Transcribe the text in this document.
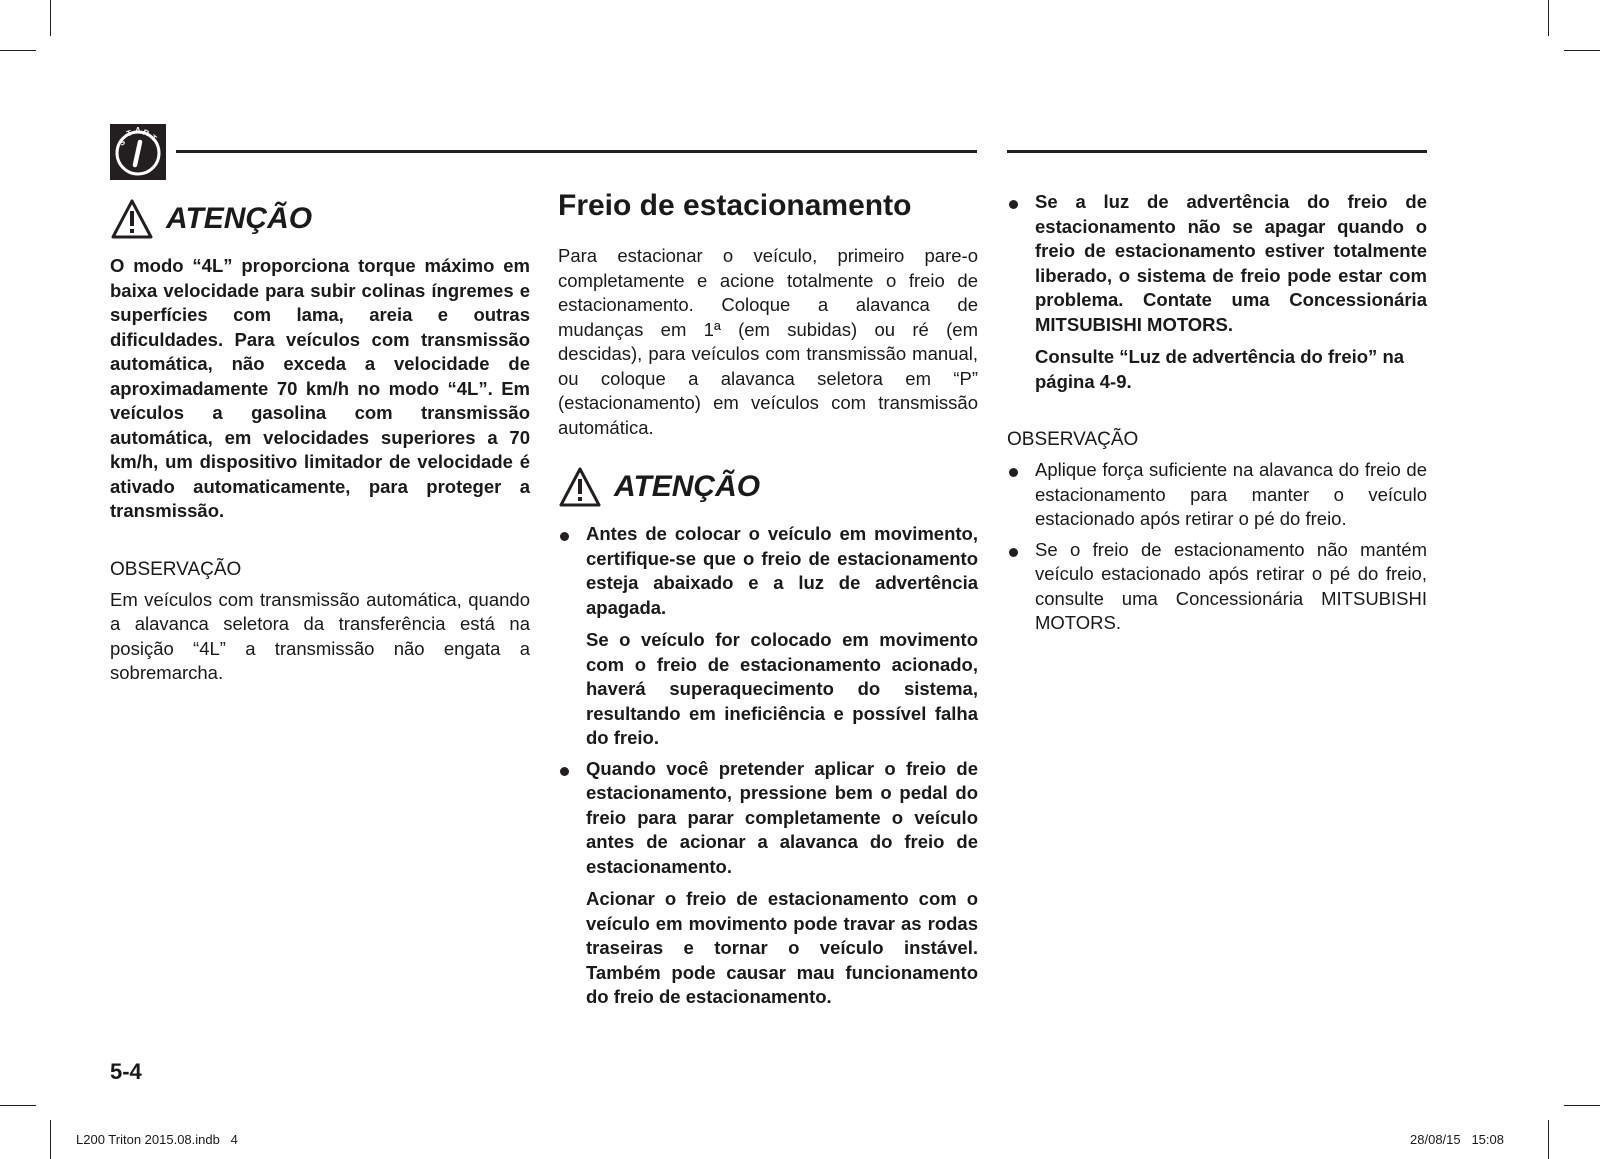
S
T A R
T
ATENÇÃO

O modo “4L” proporciona torque máximo em baixa velocidade para subir colinas íngremes e superfícies com lama, areia e outras dificuldades. Para veículos com transmissão automática, não exceda a velocidade de aproximadamente 70 km/h no modo “4L”. Em veículos a gasolina com transmissão automática, em velocidades superiores a 70 km/h, um dispositivo limitador de velocidade é ativado automaticamente, para proteger a transmissão.

OBSERVAÇÃO

Em veículos com transmissão automática, quando a alavanca seletora da transferência está na posição “4L” a transmissão não engata a sobremarcha.

Freio de estacionamento

Para estacionar o veículo, primeiro pare-o completamente e acione totalmente o freio de estacionamento. Coloque a alavanca de mudanças em 1ª (em subidas) ou ré (em descidas), para veículos com transmissão manual, ou coloque a alavanca seletora em “P” (estacionamento) em veículos com transmissão automática.

ATENÇÃO

Antes de colocar o veículo em movimento, certifique-se que o freio de estacionamento esteja abaixado e a luz de advertência apagada.

Se o veículo for colocado em movimento com o freio de estacionamento acionado, haverá superaquecimento do sistema, resultando em ineficiência e possível falha do freio.

Quando você pretender aplicar o freio de estacionamento, pressione bem o pedal do freio para parar completamente o veículo antes de acionar a alavanca do freio de estacionamento.

Acionar o freio de estacionamento com o veículo em movimento pode travar as rodas traseiras e tornar o veículo instável. Também pode causar mau funcionamento do freio de estacionamento.

Se a luz de advertência do freio de estacionamento não se apagar quando o freio de estacionamento estiver totalmente liberado, o sistema de freio pode estar com problema. Contate uma Concessionária MITSUBISHI MOTORS.

Consulte “Luz de advertência do freio” na página 4-9.

OBSERVAÇÃO

Aplique força suficiente na alavanca do freio de estacionamento para manter o veículo estacionado após retirar o pé do freio.

Se o freio de estacionamento não mantém veículo estacionado após retirar o pé do freio, consulte uma Concessionária MITSUBISHI MOTORS.

5-4
L200 Triton 2015.08.indb   4	28/08/15   15:08
